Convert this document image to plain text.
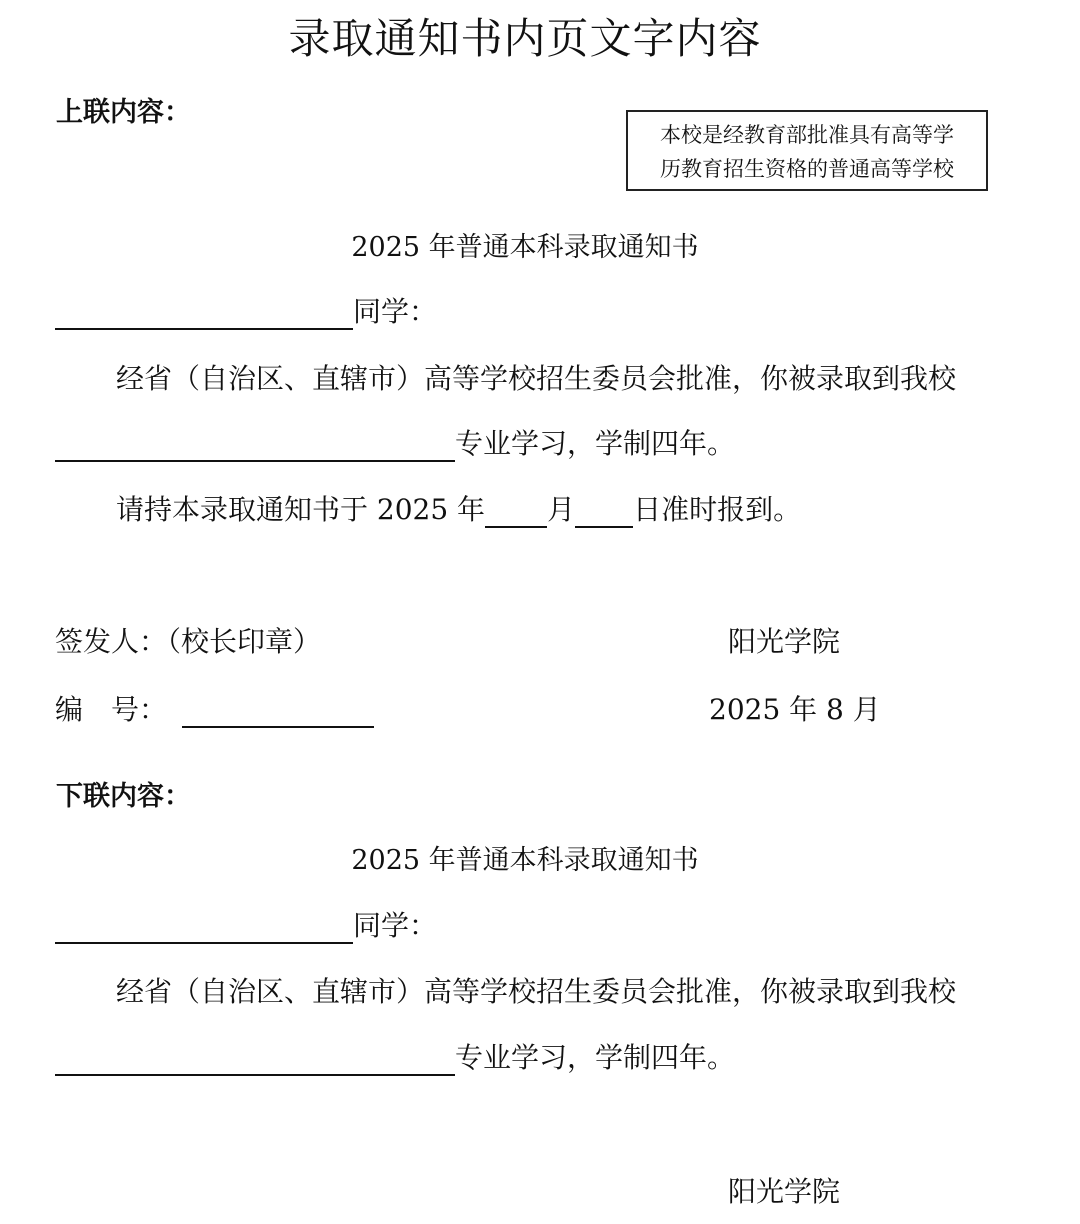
录取通知书内页文字内容
上联内容：
本校是经教育部批准具有高等学
历教育招生资格的普通高等学校
2025 年普通本科录取通知书
同学：
经省（自治区、直辖市）高等学校招生委员会批准，你被录取到我校
专业学习，学制四年。
请持本录取通知书于 2025 年 月 日准时报到。
签发人：（校长印章）	阳光学院
编　号：	2025 年 8 月
下联内容：
2025 年普通本科录取通知书
同学：
经省（自治区、直辖市）高等学校招生委员会批准，你被录取到我校
专业学习，学制四年。
阳光学院
